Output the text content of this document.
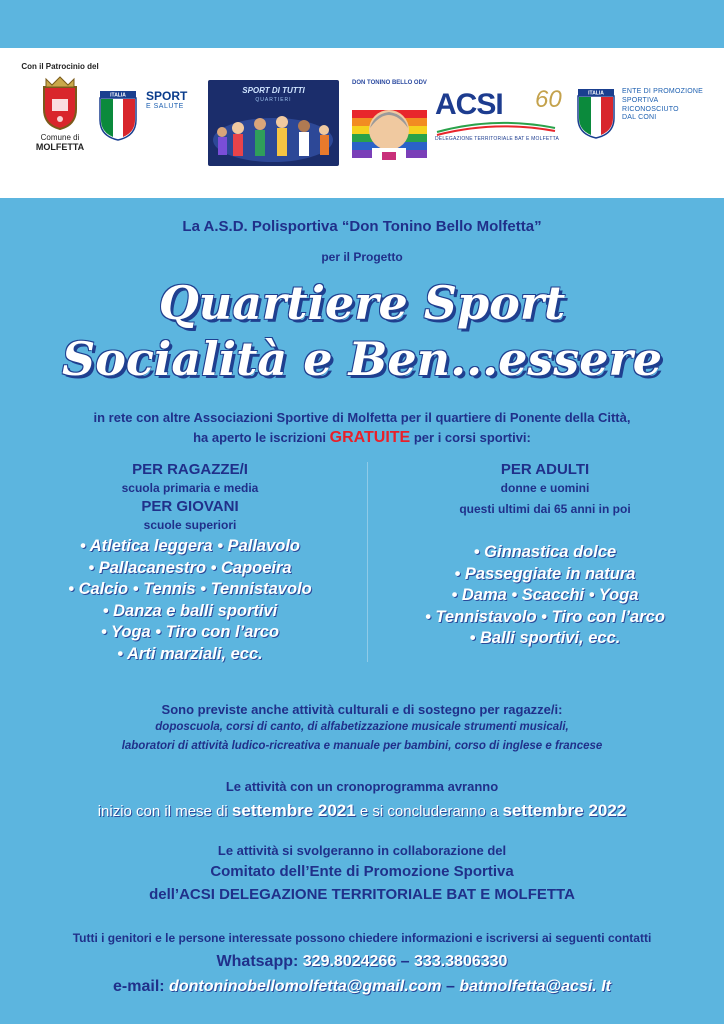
Con il Patrocinio del
Comune di
MOLFETTA
ITALIA SPORT
E SALUTE
SPORT DI TUTTI
QUARTIERI
DON TONINO BELLO ODV
ACSI 60
DELEGAZIONE TERRITORIALE BAT E MOLFETTA
ITALIA	ENTE DI PROMOZIONE
SPORTIVA
RICONOSCIUTO
DAL CONI
La A.S.D. Polisportiva “Don Tonino Bello Molfetta”
per il Progetto
Quartiere Sport
Socialità e Ben...essere
in rete con altre Associazioni Sportive di Molfetta per il quartiere di Ponente della Città,
ha aperto le iscrizioni GRATUITE per i corsi sportivi:
PER RAGAZZE/I
scuola primaria e media
PER GIOVANI
scuole superiori
• Atletica leggera • Pallavolo
• Pallacanestro • Capoeira
• Calcio • Tennis • Tennistavolo
• Danza e balli sportivi
• Yoga • Tiro con l’arco
• Arti marziali, ecc.
PER ADULTI
donne e uomini
questi ultimi dai 65 anni in poi
• Ginnastica dolce
• Passeggiate in natura
• Dama • Scacchi • Yoga
• Tennistavolo • Tiro con l’arco
• Balli sportivi, ecc.
Sono previste anche attività culturali e di sostegno per ragazze/i:
doposcuola, corsi di canto, di alfabetizzazione musicale strumenti musicali,
laboratori di attività ludico-ricreativa e manuale per bambini, corso di inglese e francese
Le attività con un cronoprogramma avranno
inizio con il mese di settembre 2021 e si concluderanno a settembre 2022
Le attività si svolgeranno in collaborazione del
Comitato dell’Ente di Promozione Sportiva
dell’ACSI DELEGAZIONE TERRITORIALE BAT E MOLFETTA
Tutti i genitori e le persone interessate possono chiedere informazioni e iscriversi ai seguenti contatti
Whatsapp: 329.8024266 – 333.3806330
e-mail: dontoninobellomolfetta@gmail.com – batmolfetta@acsi. It
